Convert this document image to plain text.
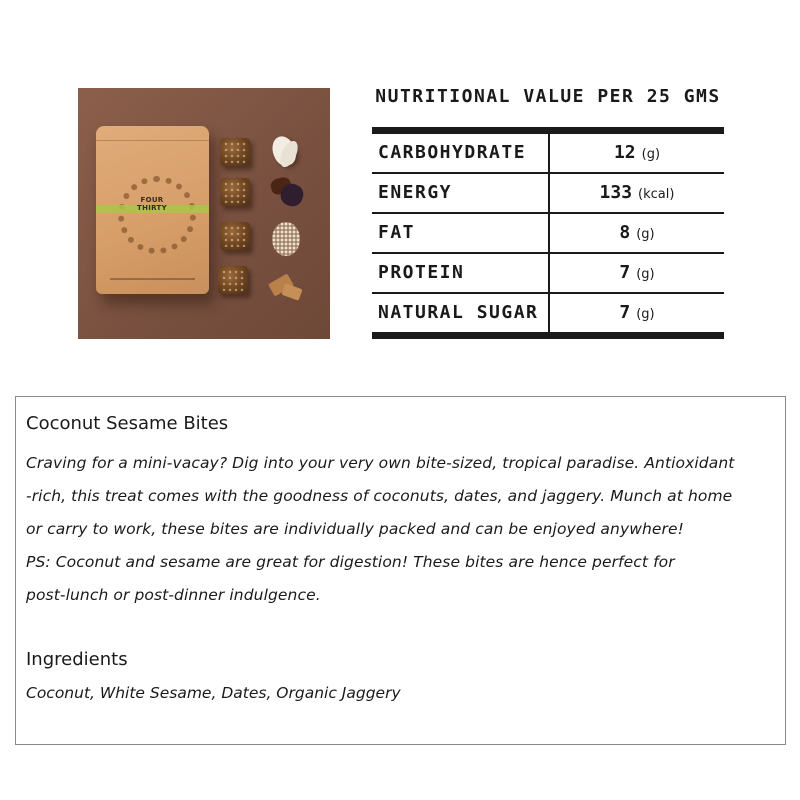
FOUR
THIRTY
NUTRITIONAL VALUE PER 25 GMS
CARBOHYDRATE	12 (g)
ENERGY	133 (kcal)
FAT	8 (g)
PROTEIN	7 (g)
NATURAL SUGAR	7 (g)
Coconut Sesame Bites
Craving for a mini-vacay? Dig into your very own bite-sized, tropical paradise. Antioxidant
-rich, this treat comes with the goodness of coconuts, dates, and jaggery. Munch at home
or carry to work, these bites are individually packed and can be enjoyed anywhere!
PS: Coconut and sesame are great for digestion! These bites are hence perfect for
post-lunch or post-dinner indulgence.
Ingredients
Coconut, White Sesame, Dates, Organic Jaggery
